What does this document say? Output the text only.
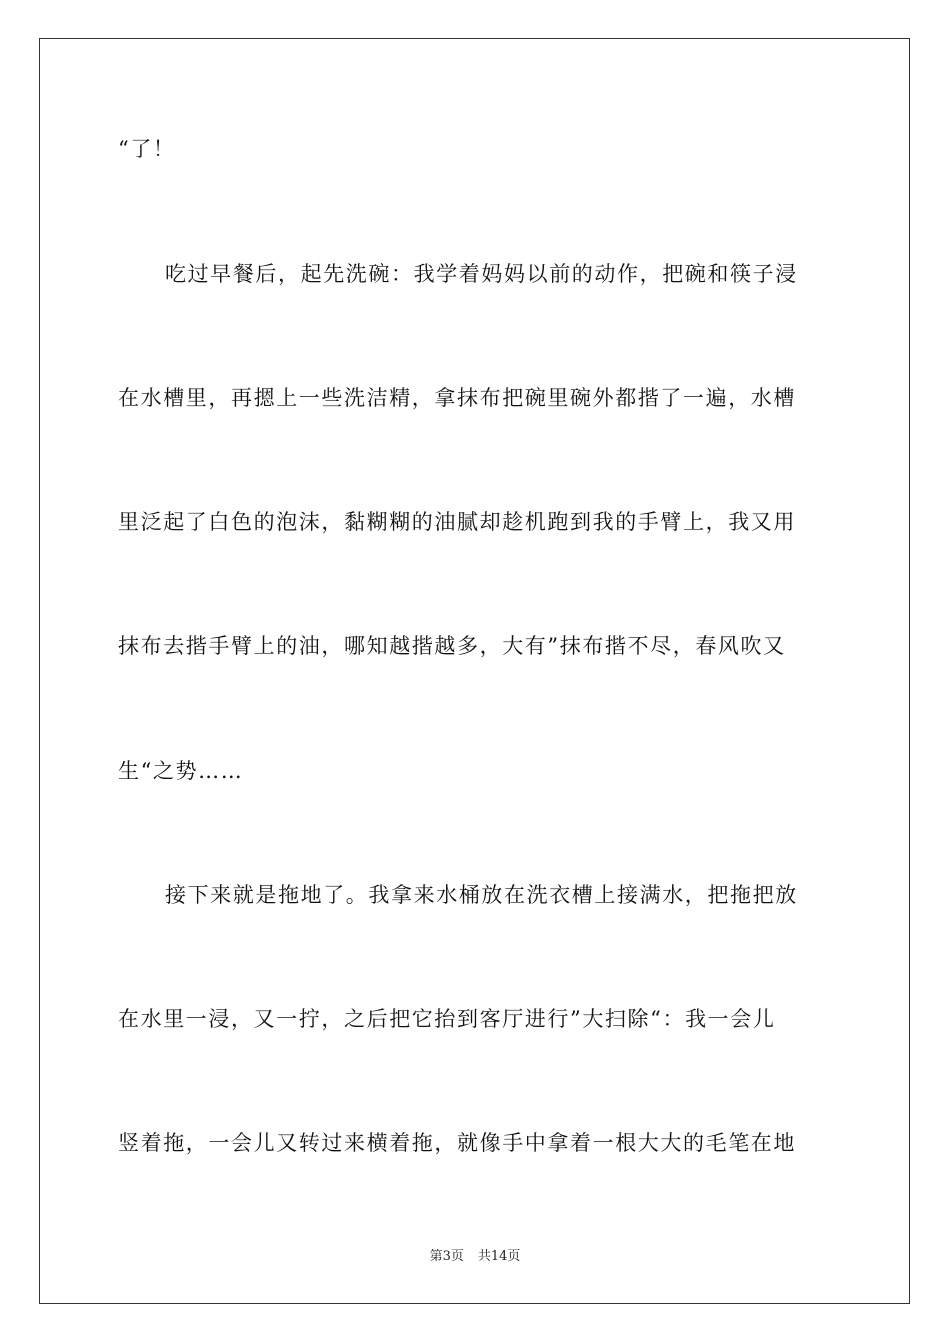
“了！
吃过早餐后，起先洗碗：我学着妈妈以前的动作，把碗和筷子浸
在水槽里，再摁上一些洗洁精，拿抹布把碗里碗外都揩了一遍，水槽
里泛起了白色的泡沫，黏糊糊的油腻却趁机跑到我的手臂上，我又用
抹布去揩手臂上的油，哪知越揩越多，大有”抹布揩不尽，春风吹又
生“之势……
接下来就是拖地了。我拿来水桶放在洗衣槽上接满水，把拖把放
在水里一浸，又一拧，之后把它抬到客厅进行”大扫除“：我一会儿
竖着拖，一会儿又转过来横着拖，就像手中拿着一根大大的毛笔在地
第3页 共14页
